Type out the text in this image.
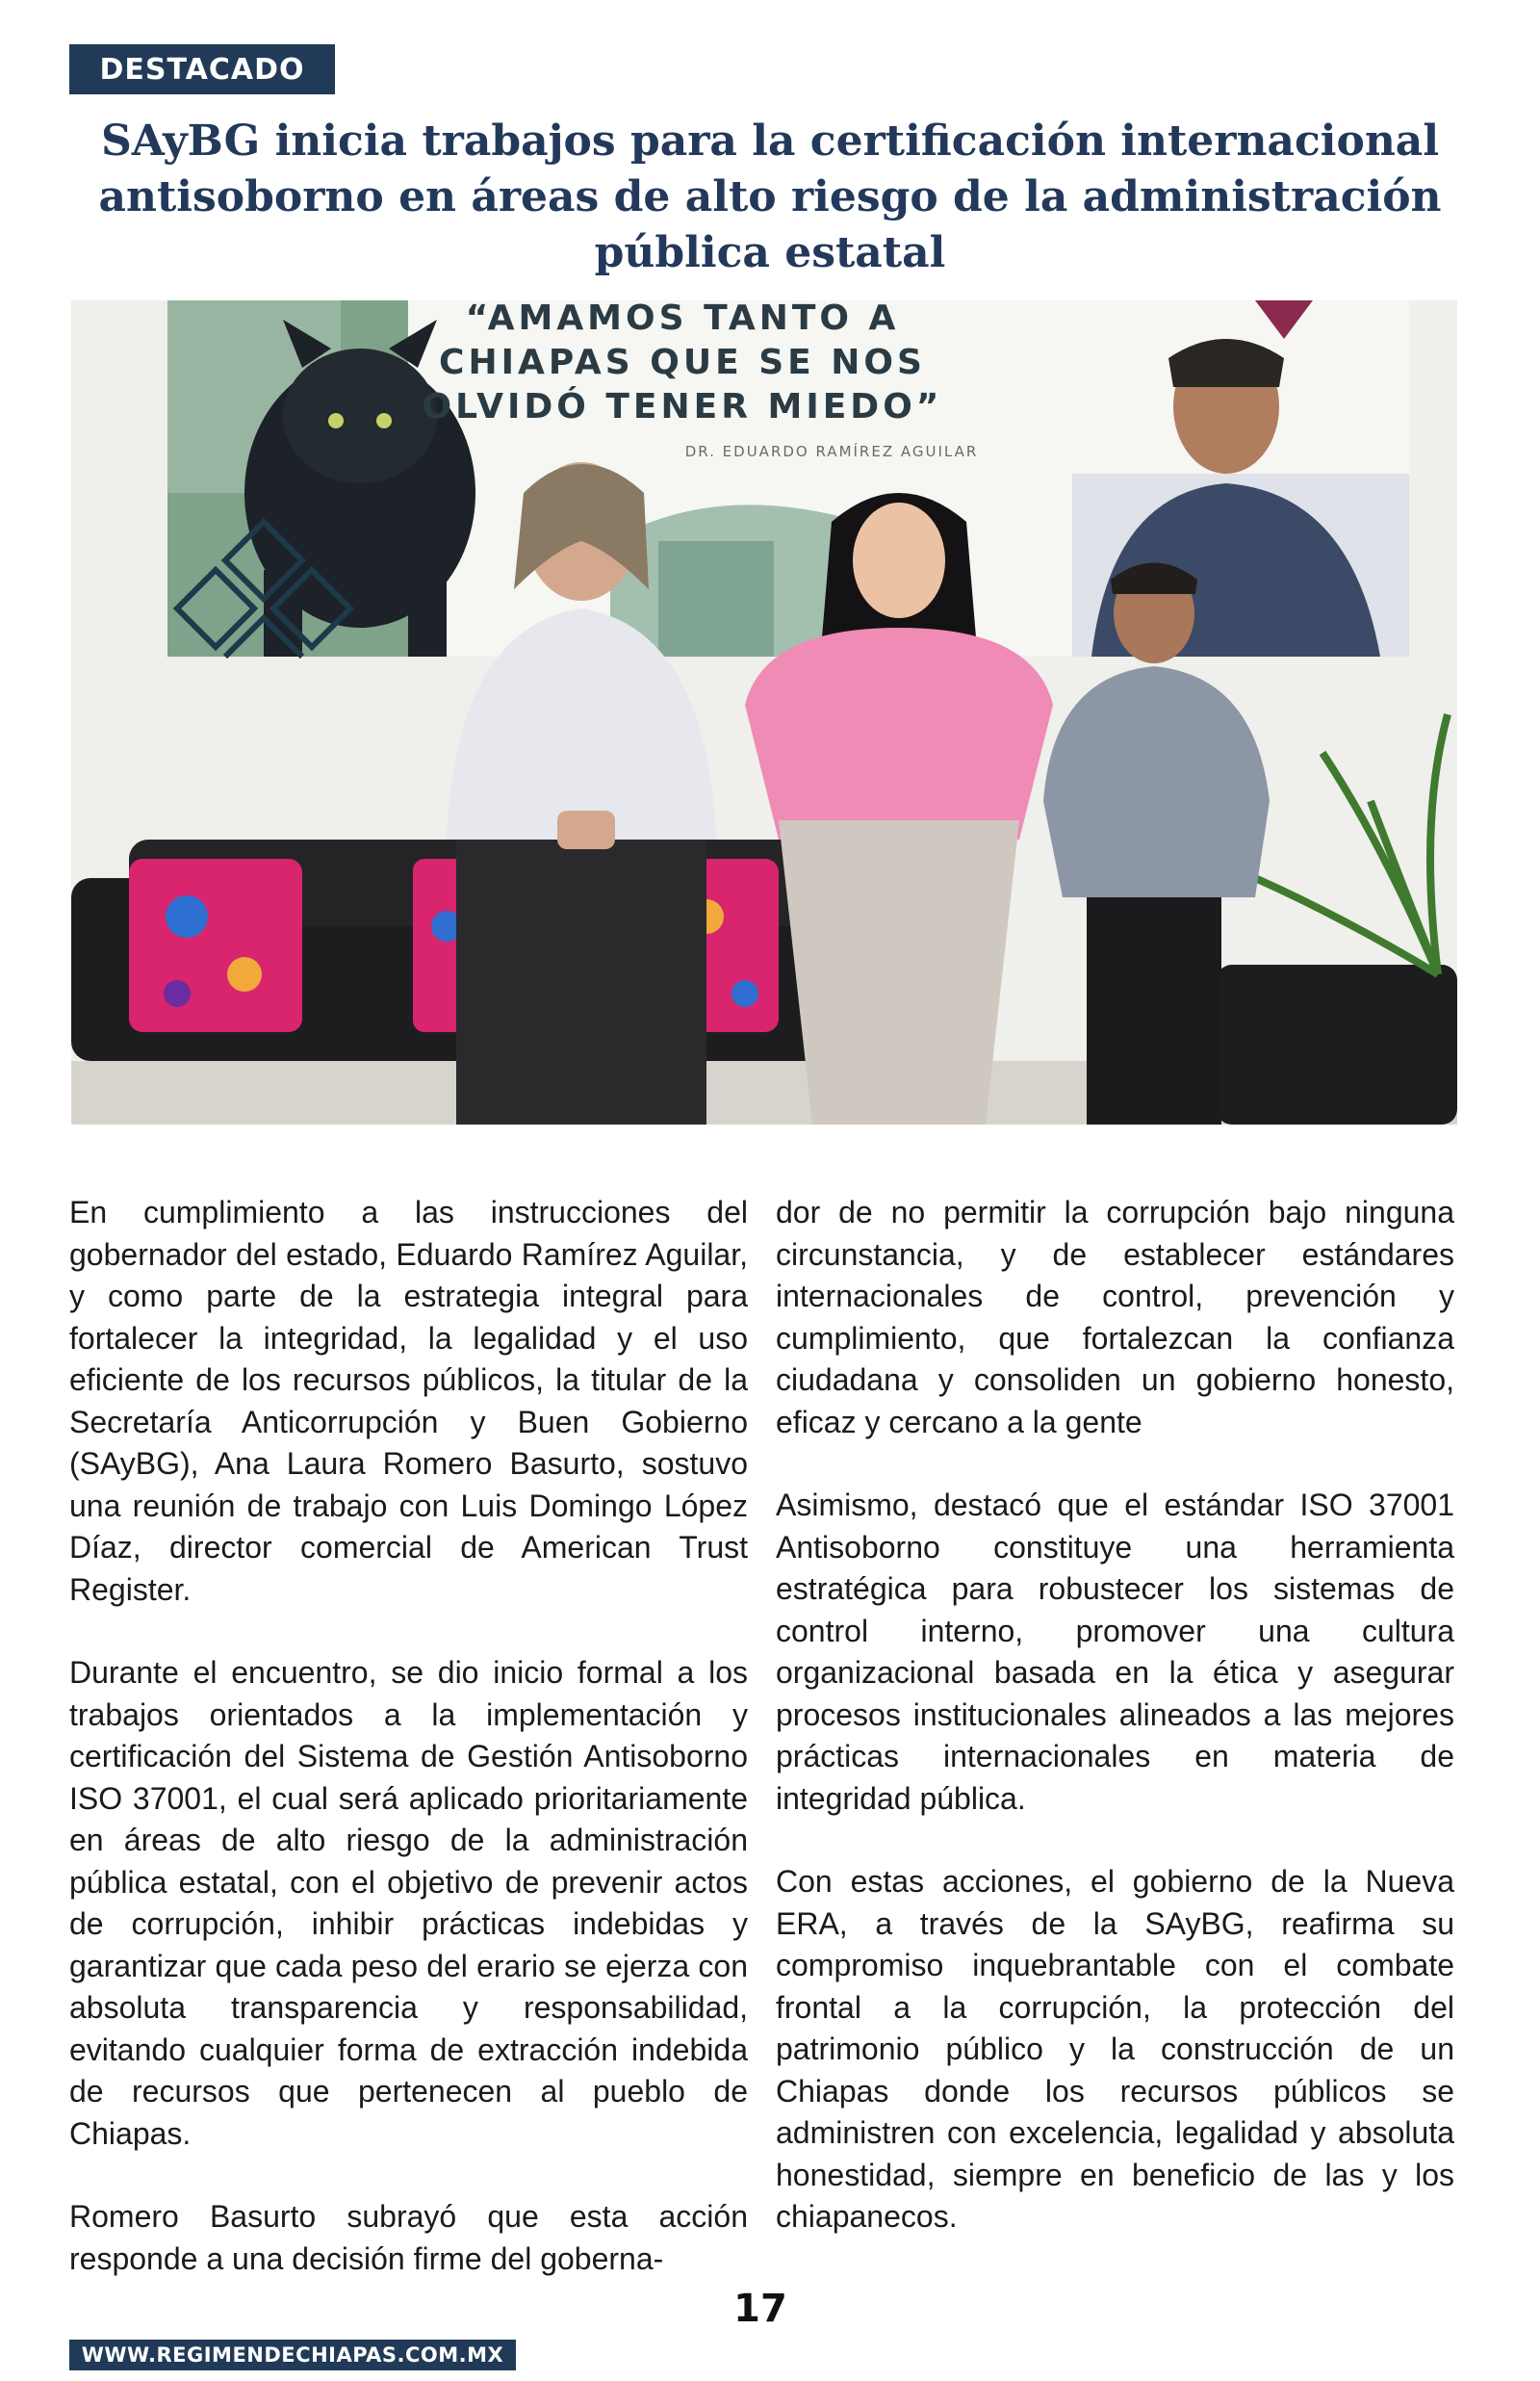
DESTACADO
SAyBG inicia trabajos para la certificación internacional antisoborno en áreas de alto riesgo de la administración pública estatal
“AMAMOS TANTO A
CHIAPAS QUE SE NOS
OLVIDÓ TENER MIEDO”
DR. EDUARDO RAMÍREZ AGUILAR

En cumplimiento a las instrucciones del gobernador del estado, Eduardo Ramírez Aguilar, y como parte de la estrategia integral para fortalecer la integridad, la legalidad y el uso eficiente de los recursos públicos, la titular de la Secretaría Anticorrupción y Buen Gobierno (SAyBG), Ana Laura Romero Basurto, sostuvo una reunión de trabajo con Luis Domingo López Díaz, director comercial de American Trust Register.

Durante el encuentro, se dio inicio formal a los trabajos orientados a la implementación y certificación del Sistema de Gestión Antisoborno ISO 37001, el cual será aplicado prioritariamente en áreas de alto riesgo de la administración pública estatal, con el objetivo de prevenir actos de corrupción, inhibir prácticas indebidas y garantizar que cada peso del erario se ejerza con absoluta transparencia y responsabilidad, evitando cualquier forma de extracción indebida de recursos que pertenecen al pueblo de Chiapas.

Romero Basurto subrayó que esta acción responde a una decisión firme del goberna-

dor de no permitir la corrupción bajo ninguna circunstancia, y de establecer estándares internacionales de control, prevención y cumplimiento, que fortalezcan la confianza ciudadana y consoliden un gobierno honesto, eficaz y cercano a la gente

Asimismo, destacó que el estándar ISO 37001 Antisoborno constituye una herramienta estratégica para robustecer los sistemas de control interno, promover una cultura organizacional basada en la ética y asegurar procesos institucionales alineados a las mejores prácticas internacionales en materia de integridad pública.

Con estas acciones, el gobierno de la Nueva ERA, a través de la SAyBG, reafirma su compromiso inquebrantable con el combate frontal a la corrupción, la protección del patrimonio público y la construcción de un Chiapas donde los recursos públicos se administren con excelencia, legalidad y absoluta honestidad, siempre en beneficio de las y los chiapanecos.

17
WWW.REGIMENDECHIAPAS.COM.MX
